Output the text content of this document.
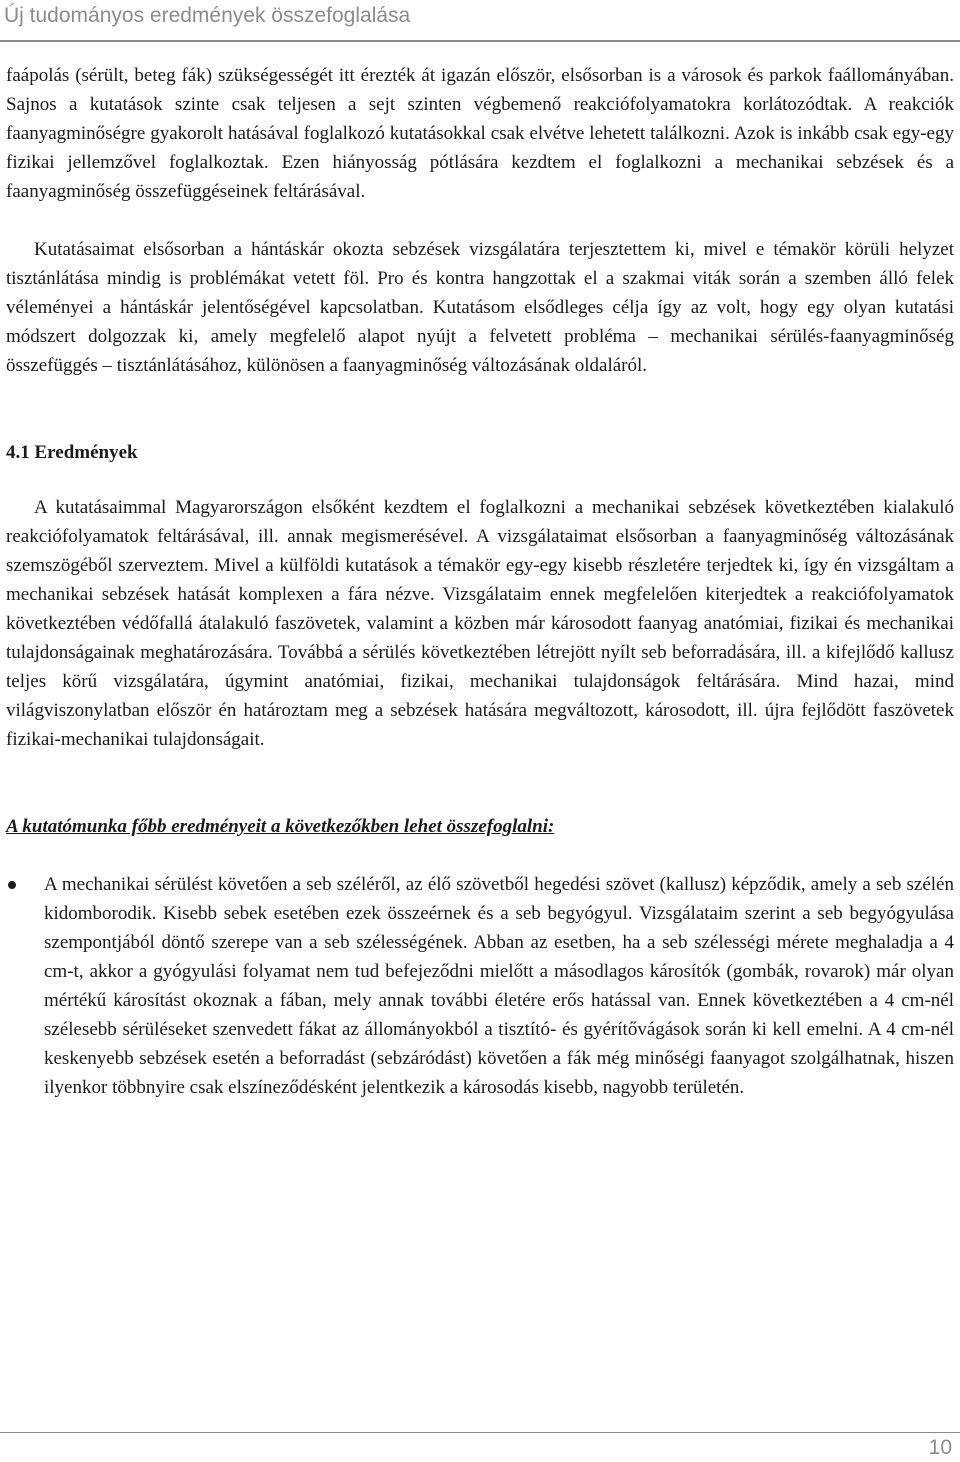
Új tudományos eredmények összefoglalása

faápolás (sérült, beteg fák) szükségességét itt érezték át igazán először, elsősorban is a városok és parkok faállományában. Sajnos a kutatások szinte csak teljesen a sejt szinten végbemenő reakciófolyamatokra korlátozódtak. A reakciók faanyagminőségre gyakorolt hatásával foglalkozó kutatásokkal csak elvétve lehetett találkozni. Azok is inkább csak egy-egy fizikai jellemzővel foglalkoztak. Ezen hiányosság pótlására kezdtem el foglalkozni a mechanikai sebzések és a faanyagminőség összefüggéseinek feltárásával.

Kutatásaimat elsősorban a hántáskár okozta sebzések vizsgálatára terjesztettem ki, mivel e témakör körüli helyzet tisztánlátása mindig is problémákat vetett föl. Pro és kontra hangzottak el a szakmai viták során a szemben álló felek véleményei a hántáskár jelentőségével kapcsolatban. Kutatásom elsődleges célja így az volt, hogy egy olyan kutatási módszert dolgozzak ki, amely megfelelő alapot nyújt a felvetett probléma – mechanikai sérülés-faanyagminőség összefüggés – tisztánlátásához, különösen a faanyagminőség változásának oldaláról.

4.1 Eredmények

A kutatásaimmal Magyarországon elsőként kezdtem el foglalkozni a mechanikai sebzések következtében kialakuló reakciófolyamatok feltárásával, ill. annak megismerésével. A vizsgálataimat elsősorban a faanyagminőség változásának szemszögéből szerveztem. Mivel a külföldi kutatások a témakör egy-egy kisebb részletére terjedtek ki, így én vizsgáltam a mechanikai sebzések hatását komplexen a fára nézve. Vizsgálataim ennek megfelelően kiterjedtek a reakciófolyamatok következtében védőfallá átalakuló faszövetek, valamint a közben már károsodott faanyag anatómiai, fizikai és mechanikai tulajdonságainak meghatározására. Továbbá a sérülés következtében létrejött nyílt seb beforradására, ill. a kifejlődő kallusz teljes körű vizsgálatára, úgymint anatómiai, fizikai, mechanikai tulajdonságok feltárására. Mind hazai, mind világviszonylatban először én határoztam meg a sebzések hatására megváltozott, károsodott, ill. újra fejlődött faszövetek fizikai-mechanikai tulajdonságait.

A kutatómunka főbb eredményeit a következőkben lehet összefoglalni:
A mechanikai sérülést követően a seb széléről, az élő szövetből hegedési szövet (kallusz) képződik, amely a seb szélén kidomborodik. Kisebb sebek esetében ezek összeérnek és a seb begyógyul. Vizsgálataim szerint a seb begyógyulása szempontjából döntő szerepe van a seb szélességének. Abban az esetben, ha a seb szélességi mérete meghaladja a 4 cm-t, akkor a gyógyulási folyamat nem tud befejeződni mielőtt a másodlagos károsítók (gombák, rovarok) már olyan mértékű károsítást okoznak a fában, mely annak további életére erős hatással van. Ennek következtében a 4 cm-nél szélesebb sérüléseket szenvedett fákat az állományokból a tisztító- és gyérítővágások során ki kell emelni. A 4 cm-nél keskenyebb sebzések esetén a beforradást (sebzáródást) követően a fák még minőségi faanyagot szolgálhatnak, hiszen ilyenkor többnyire csak elszíneződésként jelentkezik a károsodás kisebb, nagyobb területén.
10
